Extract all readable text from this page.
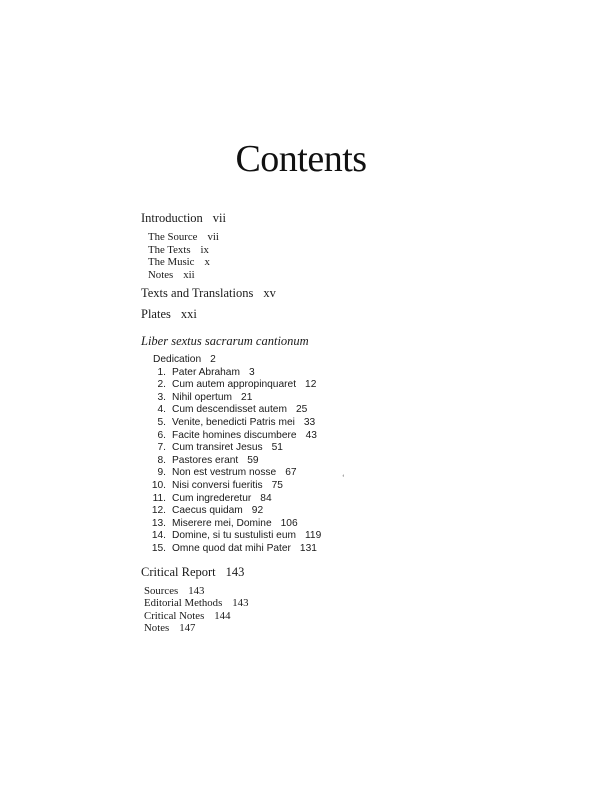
Contents
Introduction vii
The Source vii
The Texts ix
The Music x
Notes xii
Texts and Translations xv
Plates xxi
Liber sextus sacrarum cantionum
Dedication 2
1. Pater Abraham 3
2. Cum autem appropinquaret 12
3. Nihil opertum 21
4. Cum descendisset autem 25
5. Venite, benedicti Patris mei 33
6. Facite homines discumbere 43
7. Cum transiret Jesus 51
8. Pastores erant 59
9. Non est vestrum nosse 67
10. Nisi conversi fueritis 75
11. Cum ingrederetur 84
12. Caecus quidam 92
13. Miserere mei, Domine 106
14. Domine, si tu sustulisti eum 119
15. Omne quod dat mihi Pater 131
Critical Report 143
Sources 143
Editorial Methods 143
Critical Notes 144
Notes 147
‘
